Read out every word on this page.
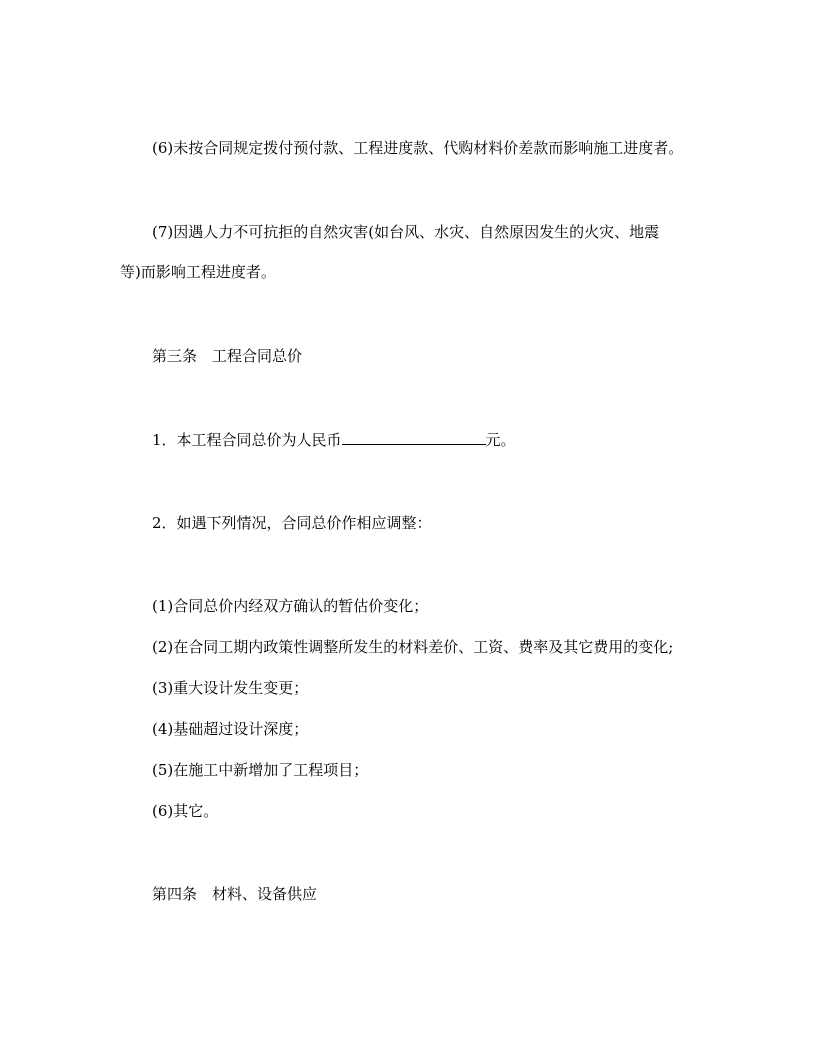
(6)未按合同规定拨付预付款、工程进度款、代购材料价差款而影响施工进度者。
(7)因遇人力不可抗拒的自然灾害(如台风、水灾、自然原因发生的火灾、地震
等)而影响工程进度者。
第三条　工程合同总价
1．本工程合同总价为人民币	元。
2．如遇下列情况，合同总价作相应调整：
(1)合同总价内经双方确认的暂估价变化；
(2)在合同工期内政策性调整所发生的材料差价、工资、费率及其它费用的变化;
(3)重大设计发生变更；
(4)基础超过设计深度；
(5)在施工中新增加了工程项目；
(6)其它。
第四条　材料、设备供应
